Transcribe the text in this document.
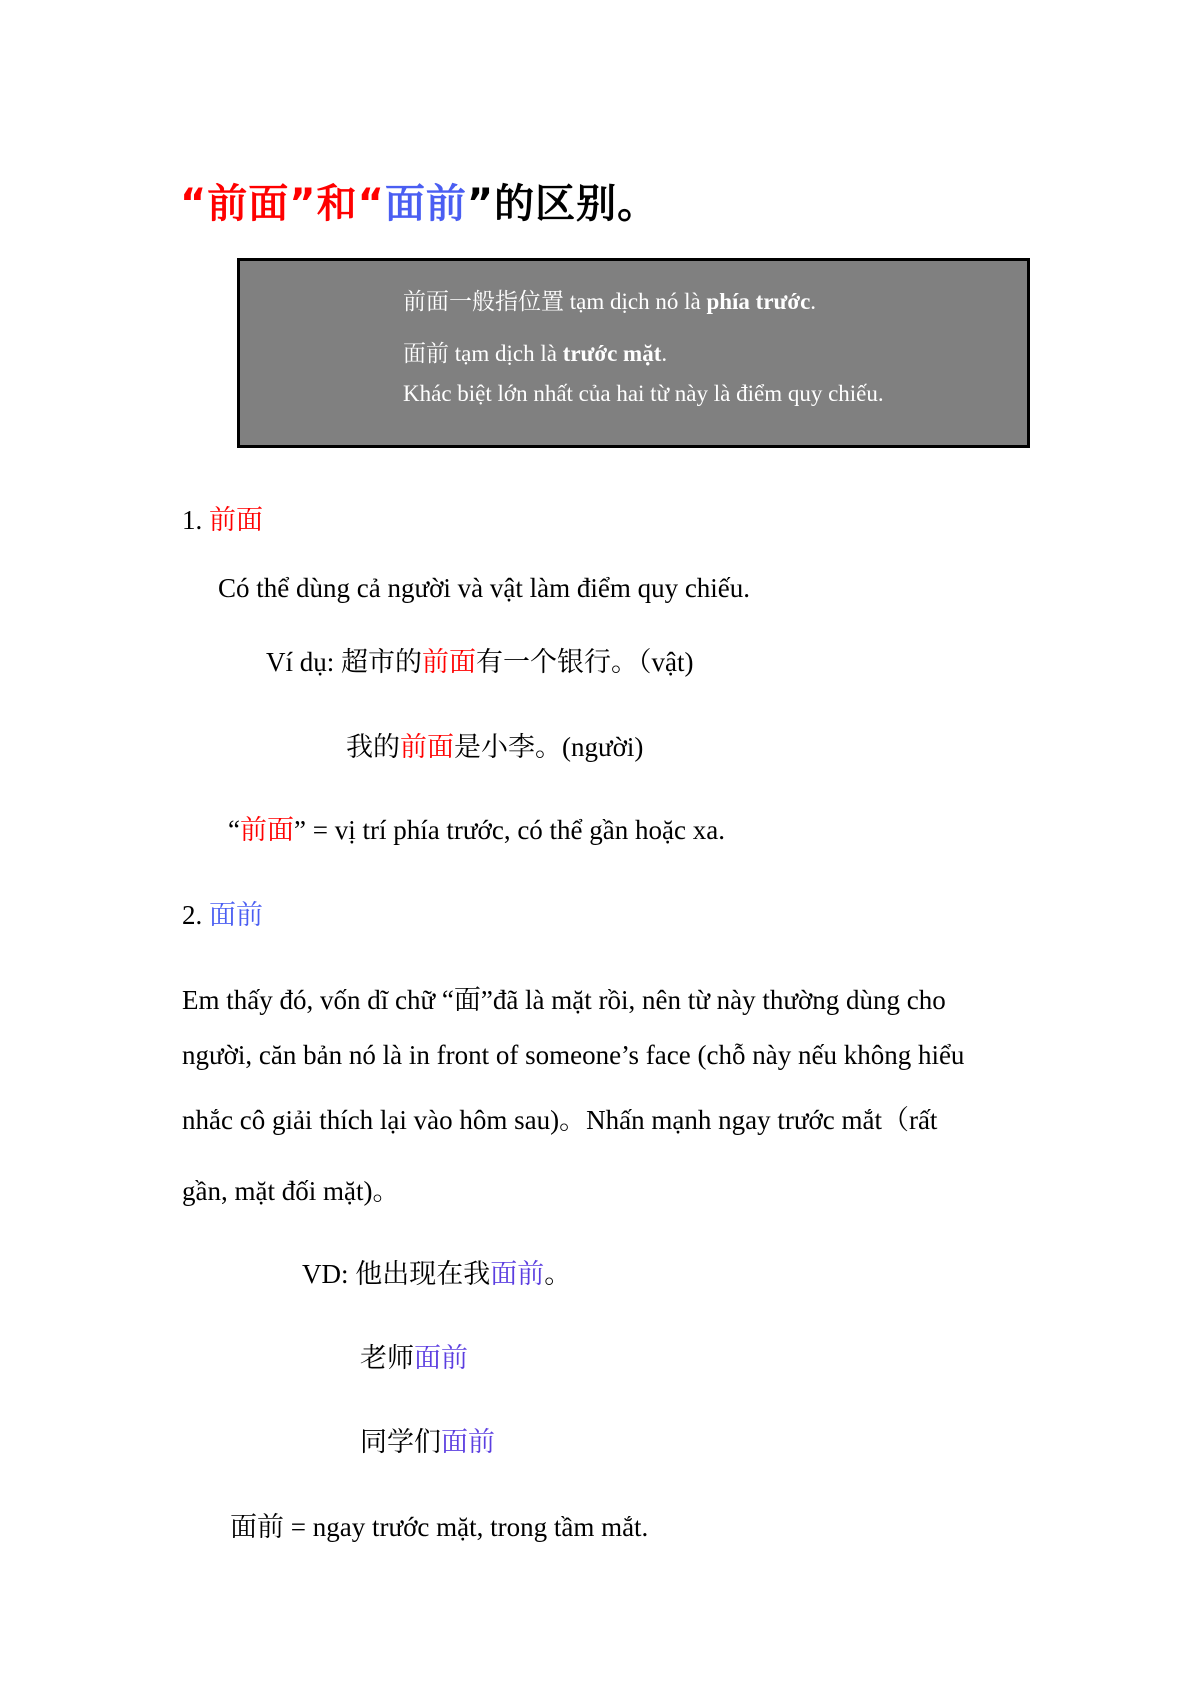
“前面”和“面前”的区别。
前面一般指位置 tạm dịch nó là phía trước.
面前 tạm dịch là trước mặt.
Khác biệt lớn nhất của hai từ này là điểm quy chiếu.
1. 前面
Có thể dùng cả người và vật làm điểm quy chiếu.
Ví dụ: 超市的前面有一个银行。（vật)
我的前面是小李。(người)
“前面” = vị trí phía trước, có thể gần hoặc xa.
2. 面前
Em thấy đó, vốn dĩ chữ “面”đã là mặt rồi, nên từ này thường dùng cho
người, căn bản nó là in front of someone’s face (chỗ này nếu không hiểu
nhắc cô giải thích lại vào hôm sau)。Nhấn mạnh ngay trước mắt（rất
gần, mặt đối mặt)。
VD: 他出现在我面前。
老师面前
同学们面前
面前 = ngay trước mặt, trong tầm mắt.
